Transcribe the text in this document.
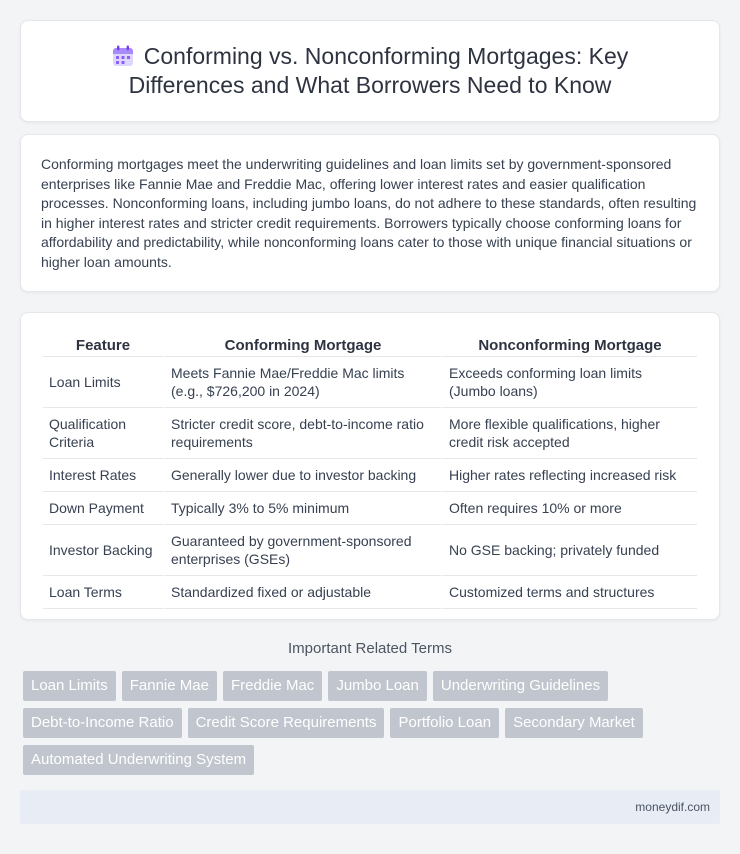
Conforming vs. Nonconforming Mortgages: Key Differences and What Borrowers Need to Know

Conforming mortgages meet the underwriting guidelines and loan limits set by government-sponsored enterprises like Fannie Mae and Freddie Mac, offering lower interest rates and easier qualification processes. Nonconforming loans, including jumbo loans, do not adhere to these standards, often resulting in higher interest rates and stricter credit requirements. Borrowers typically choose conforming loans for affordability and predictability, while nonconforming loans cater to those with unique financial situations or higher loan amounts.

Feature	Conforming Mortgage	Nonconforming Mortgage
Loan Limits	Meets Fannie Mae/Freddie Mac limits (e.g., $726,200 in 2024)	Exceeds conforming loan limits (Jumbo loans)
Qualification Criteria	Stricter credit score, debt-to-income ratio requirements	More flexible qualifications, higher credit risk accepted
Interest Rates	Generally lower due to investor backing	Higher rates reflecting increased risk
Down Payment	Typically 3% to 5% minimum	Often requires 10% or more
Investor Backing	Guaranteed by government-sponsored enterprises (GSEs)	No GSE backing; privately funded
Loan Terms	Standardized fixed or adjustable	Customized terms and structures
Important Related Terms
Loan Limits	Fannie Mae	Freddie Mac	Jumbo Loan	Underwriting Guidelines
Debt-to-Income Ratio	Credit Score Requirements	Portfolio Loan	Secondary Market
Automated Underwriting System
moneydif.com
